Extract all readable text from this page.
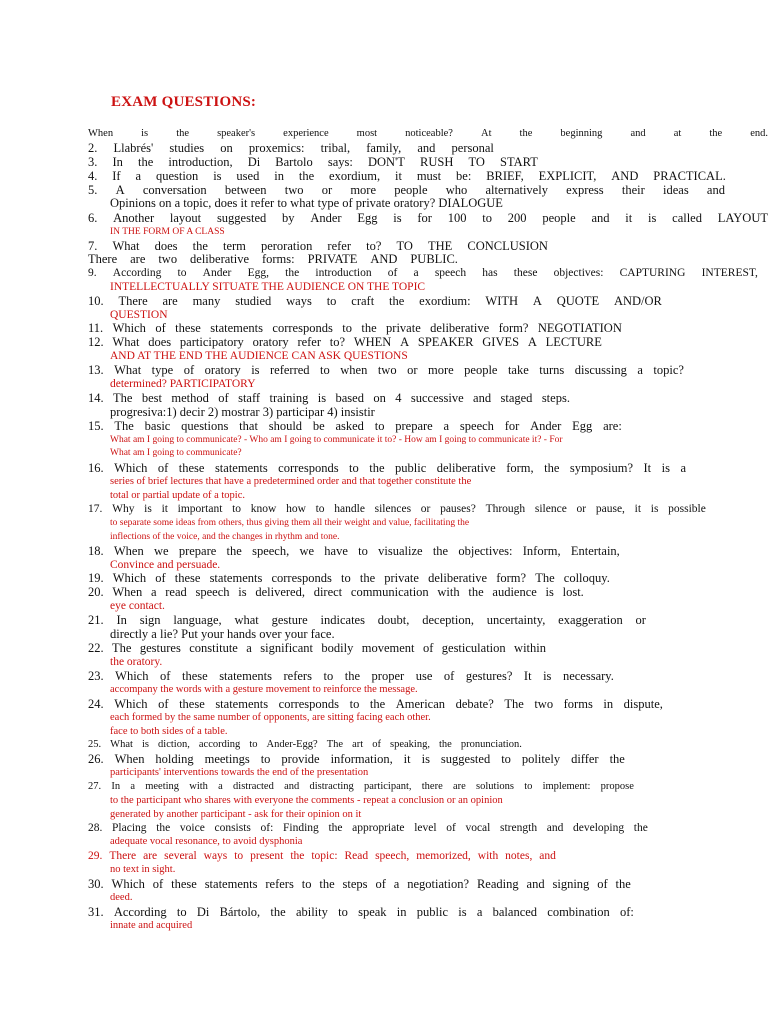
EXAM QUESTIONS:
When	is	the	speaker's	experience	most	noticeable?	At	the	beginning	and	at	the	end.
2. Llabrés' studies on proxemics: tribal, family, and personal
3. In the introduction, Di Bartolo says: DON'T RUSH TO START
4. If a question is used in the exordium, it must be: BRIEF, EXPLICIT, AND PRACTICAL.
5. A conversation between two or more people who alternatively express their ideas and
Opinions on a topic, does it refer to what type of private oratory? DIALOGUE
6. Another layout suggested by Ander Egg is for 100 to 200 people and it is called LAYOUT
IN THE FORM OF A CLASS
7. What does the term peroration refer to? TO THE CONCLUSION
There are two deliberative forms: PRIVATE AND PUBLIC.
9. According to Ander Egg, the introduction of a speech has these objectives: CAPTURING INTEREST,
INTELLECTUALLY SITUATE THE AUDIENCE ON THE TOPIC
10. There are many studied ways to craft the exordium: WITH A QUOTE AND/OR
QUESTION
11. Which of these statements corresponds to the private deliberative form? NEGOTIATION
12. What does participatory oratory refer to? WHEN A SPEAKER GIVES A LECTURE
AND AT THE END THE AUDIENCE CAN ASK QUESTIONS
13. What type of oratory is referred to when two or more people take turns discussing a topic?
determined? PARTICIPATORY
14. The best method of staff training is based on 4 successive and staged steps.
progresiva:1) decir 2) mostrar 3) participar 4) insistir
15. The basic questions that should be asked to prepare a speech for Ander Egg are:
What am I going to communicate? - Who am I going to communicate it to? - How am I going to communicate it? - For
What am I going to communicate?
16. Which of these statements corresponds to the public deliberative form, the symposium? It is a
series of brief lectures that have a predetermined order and that together constitute the
total or partial update of a topic.
17. Why is it important to know how to handle silences or pauses? Through silence or pause, it is possible
to separate some ideas from others, thus giving them all their weight and value, facilitating the
inflections of the voice, and the changes in rhythm and tone.
18. When we prepare the speech, we have to visualize the objectives: Inform, Entertain,
Convince and persuade.
19. Which of these statements corresponds to the private deliberative form? The colloquy.
20. When a read speech is delivered, direct communication with the audience is lost.
eye contact.
21. In sign language, what gesture indicates doubt, deception, uncertainty, exaggeration or
directly a lie? Put your hands over your face.
22. The gestures constitute a significant bodily movement of gesticulation within
the oratory.
23. Which of these statements refers to the proper use of gestures? It is necessary.
accompany the words with a gesture movement to reinforce the message.
24. Which of these statements corresponds to the American debate? The two forms in dispute,
each formed by the same number of opponents, are sitting facing each other.
face to both sides of a table.
25. What is diction, according to Ander-Egg? The art of speaking, the pronunciation.
26. When holding meetings to provide information, it is suggested to politely differ the
participants' interventions towards the end of the presentation
27. In a meeting with a distracted and distracting participant, there are solutions to implement: propose
to the participant who shares with everyone the comments - repeat a conclusion or an opinion
generated by another participant - ask for their opinion on it
28. Placing the voice consists of: Finding the appropriate level of vocal strength and developing the
adequate vocal resonance, to avoid dysphonia
29. There are several ways to present the topic: Read speech, memorized, with notes, and
no text in sight.
30. Which of these statements refers to the steps of a negotiation? Reading and signing of the
deed.
31. According to Di Bártolo, the ability to speak in public is a balanced combination of:
innate and acquired
